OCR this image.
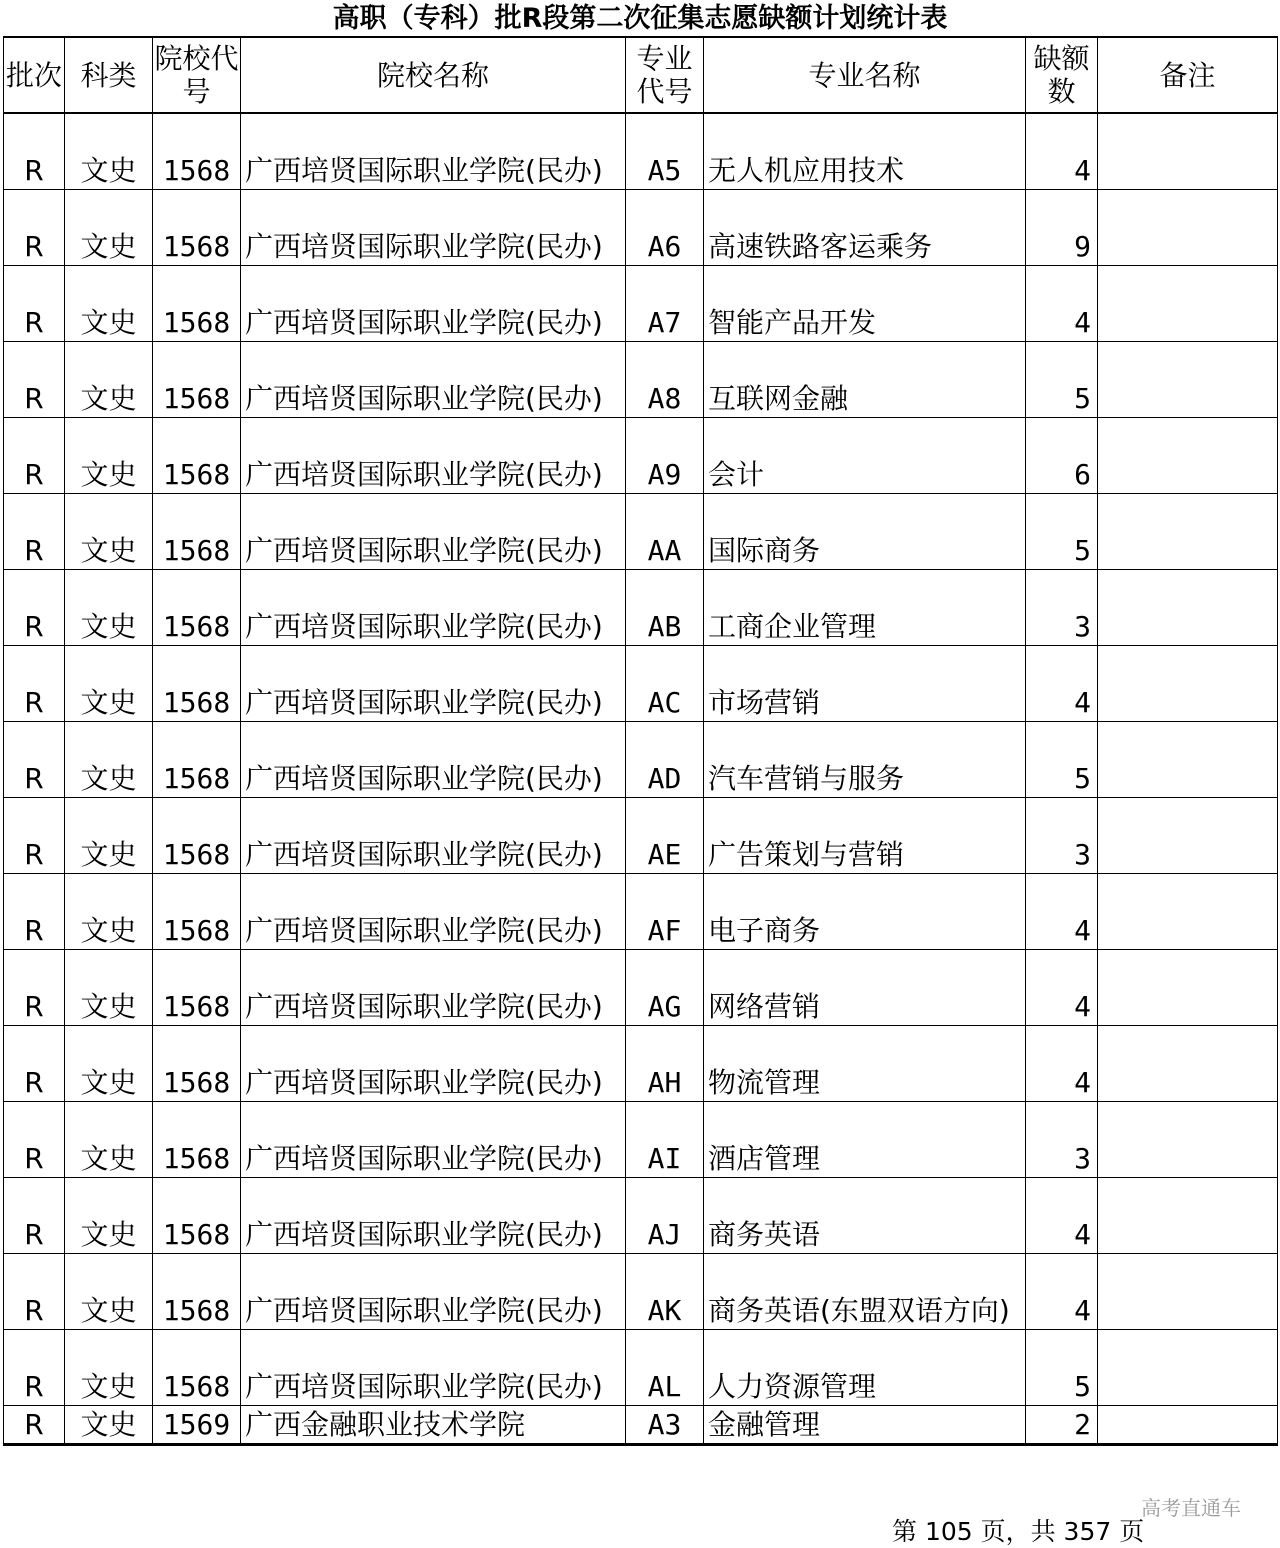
高职（专科）批R段第二次征集志愿缺额计划统计表
批次	科类	院校代号	院校名称	专业代号	专业名称	缺额数	备注
R	文史	1568	广西培贤国际职业学院(民办)	A5	无人机应用技术	4	
R	文史	1568	广西培贤国际职业学院(民办)	A6	高速铁路客运乘务	9	
R	文史	1568	广西培贤国际职业学院(民办)	A7	智能产品开发	4	
R	文史	1568	广西培贤国际职业学院(民办)	A8	互联网金融	5	
R	文史	1568	广西培贤国际职业学院(民办)	A9	会计	6	
R	文史	1568	广西培贤国际职业学院(民办)	AA	国际商务	5	
R	文史	1568	广西培贤国际职业学院(民办)	AB	工商企业管理	3	
R	文史	1568	广西培贤国际职业学院(民办)	AC	市场营销	4	
R	文史	1568	广西培贤国际职业学院(民办)	AD	汽车营销与服务	5	
R	文史	1568	广西培贤国际职业学院(民办)	AE	广告策划与营销	3	
R	文史	1568	广西培贤国际职业学院(民办)	AF	电子商务	4	
R	文史	1568	广西培贤国际职业学院(民办)	AG	网络营销	4	
R	文史	1568	广西培贤国际职业学院(民办)	AH	物流管理	4	
R	文史	1568	广西培贤国际职业学院(民办)	AI	酒店管理	3	
R	文史	1568	广西培贤国际职业学院(民办)	AJ	商务英语	4	
R	文史	1568	广西培贤国际职业学院(民办)	AK	商务英语(东盟双语方向)	4	
R	文史	1568	广西培贤国际职业学院(民办)	AL	人力资源管理	5	
R	文史	1569	广西金融职业技术学院	A3	金融管理	2	
高考直通车
第 105 页，共 357 页
